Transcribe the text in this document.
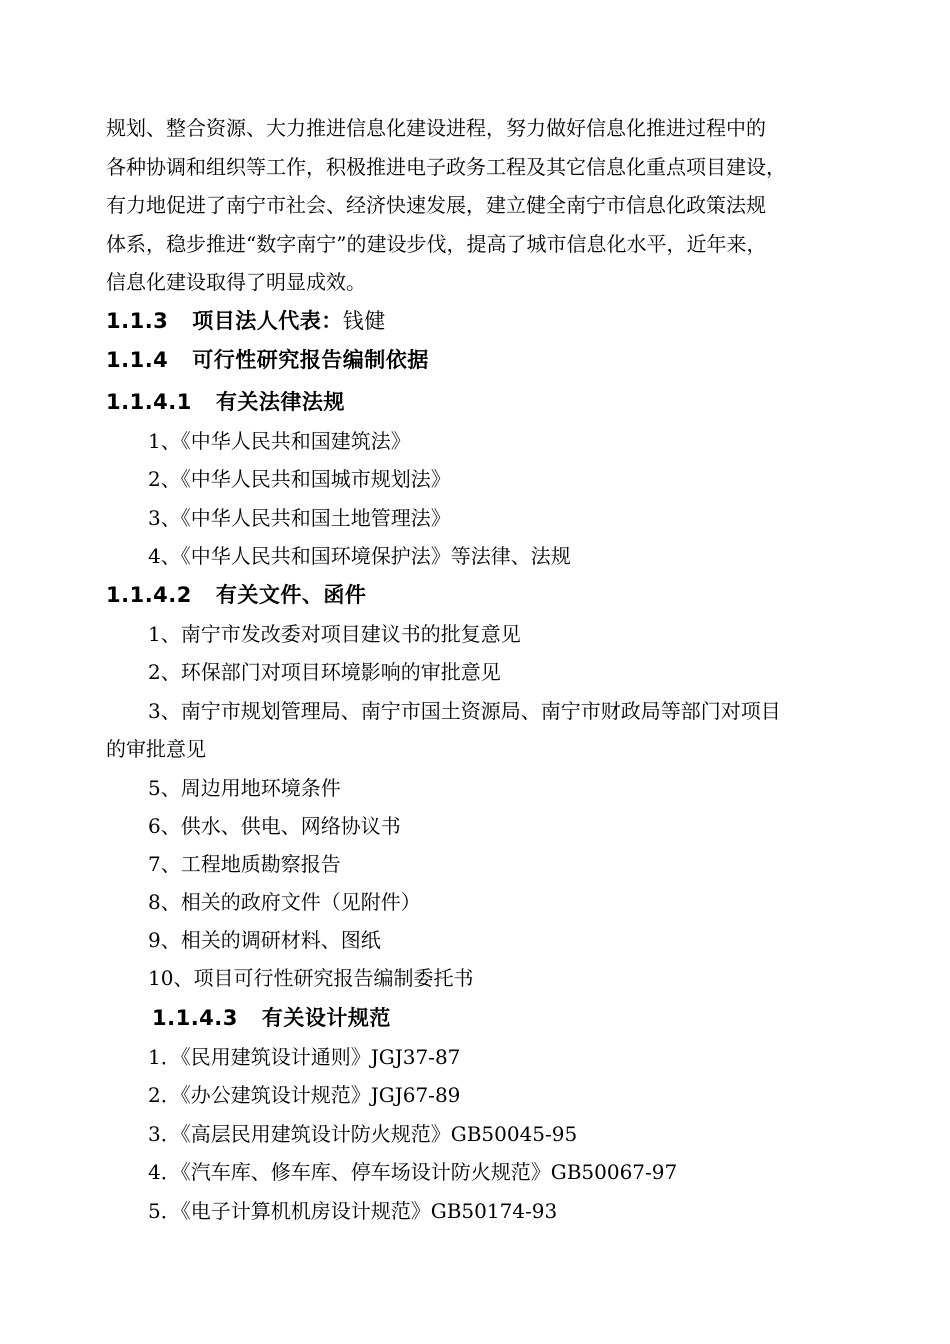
规划、整合资源、大力推进信息化建设进程，努力做好信息化推进过程中的
各种协调和组织等工作，积极推进电子政务工程及其它信息化重点项目建设，
有力地促进了南宁市社会、经济快速发展，建立健全南宁市信息化政策法规
体系，稳步推进“数字南宁”的建设步伐，提高了城市信息化水平，近年来，
信息化建设取得了明显成效。
1.1.3 项目法人代表：钱健
1.1.4 可行性研究报告编制依据
1.1.4.1 有关法律法规
1、《中华人民共和国建筑法》
2、《中华人民共和国城市规划法》
3、《中华人民共和国土地管理法》
4、《中华人民共和国环境保护法》等法律、法规
1.1.4.2 有关文件、函件
1、南宁市发改委对项目建议书的批复意见
2、环保部门对项目环境影响的审批意见
3、南宁市规划管理局、南宁市国土资源局、南宁市财政局等部门对项目
的审批意见
5、周边用地环境条件
6、供水、供电、网络协议书
7、工程地质勘察报告
8、相关的政府文件（见附件）
9、相关的调研材料、图纸
10、项目可行性研究报告编制委托书
1.1.4.3 有关设计规范
1．《民用建筑设计通则》JGJ37-87
2．《办公建筑设计规范》JGJ67-89
3．《高层民用建筑设计防火规范》GB50045-95
4．《汽车库、修车库、停车场设计防火规范》GB50067-97
5．《电子计算机机房设计规范》GB50174-93
